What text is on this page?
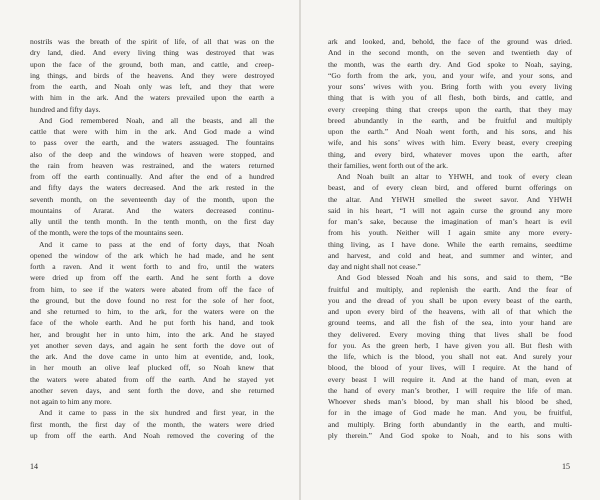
nostrils was the breath of the spirit of life, of all that was on the
dry land, died. And every living thing was destroyed that was
upon the face of the ground, both man, and cattle, and creep-
ing things, and birds of the heavens. And they were destroyed
from the earth, and Noah only was left, and they that were
with him in the ark. And the waters prevailed upon the earth a
hundred and fifty days.
And God remembered Noah, and all the beasts, and all the
cattle that were with him in the ark. And God made a wind
to pass over the earth, and the waters assuaged. The fountains
also of the deep and the windows of heaven were stopped, and
the rain from heaven was restrained, and the waters returned
from off the earth continually. And after the end of a hundred
and fifty days the waters decreased. And the ark rested in the
seventh month, on the seventeenth day of the month, upon the
mountains of Ararat. And the waters decreased continu-
ally until the tenth month. In the tenth month, on the first day
of the month, were the tops of the mountains seen.
And it came to pass at the end of forty days, that Noah
opened the window of the ark which he had made, and he sent
forth a raven. And it went forth to and fro, until the waters
were dried up from off the earth. And he sent forth a dove
from him, to see if the waters were abated from off the face of
the ground, but the dove found no rest for the sole of her foot,
and she returned to him, to the ark, for the waters were on the
face of the whole earth. And he put forth his hand, and took
her, and brought her in unto him, into the ark. And he stayed
yet another seven days, and again he sent forth the dove out of
the ark. And the dove came in unto him at eventide, and, look,
in her mouth an olive leaf plucked off, so Noah knew that
the waters were abated from off the earth. And he stayed yet
another seven days, and sent forth the dove, and she returned
not again to him any more.
And it came to pass in the six hundred and first year, in the
first month, the first day of the month, the waters were dried
up from off the earth. And Noah removed the covering of the
ark and looked, and, behold, the face of the ground was dried.
And in the second month, on the seven and twentieth day of
the month, was the earth dry. And God spoke to Noah, saying,
“Go forth from the ark, you, and your wife, and your sons, and
your sons’ wives with you. Bring forth with you every living
thing that is with you of all flesh, both birds, and cattle, and
every creeping thing that creeps upon the earth, that they may
breed abundantly in the earth, and be fruitful and multiply
upon the earth.” And Noah went forth, and his sons, and his
wife, and his sons’ wives with him. Every beast, every creeping
thing, and every bird, whatever moves upon the earth, after
their families, went forth out of the ark.
And Noah built an altar to YHWH, and took of every clean
beast, and of every clean bird, and offered burnt offerings on
the altar. And YHWH smelled the sweet savor. And YHWH
said in his heart, “I will not again curse the ground any more
for man’s sake, because the imagination of man’s heart is evil
from his youth. Neither will I again smite any more every-
thing living, as I have done. While the earth remains, seedtime
and harvest, and cold and heat, and summer and winter, and
day and night shall not cease.”
And God blessed Noah and his sons, and said to them, “Be
fruitful and multiply, and replenish the earth. And the fear of
you and the dread of you shall be upon every beast of the earth,
and upon every bird of the heavens, with all of that which the
ground teems, and all the fish of the sea, into your hand are
they delivered. Every moving thing that lives shall be food
for you. As the green herb, I have given you all. But flesh with
the life, which is the blood, you shall not eat. And surely your
blood, the blood of your lives, will I require. At the hand of
every beast I will require it. And at the hand of man, even at
the hand of every man’s brother, I will require the life of man.
Whoever sheds man’s blood, by man shall his blood be shed,
for in the image of God made he man. And you, be fruitful,
and multiply. Bring forth abundantly in the earth, and multi-
ply therein.” And God spoke to Noah, and to his sons with
14	15
